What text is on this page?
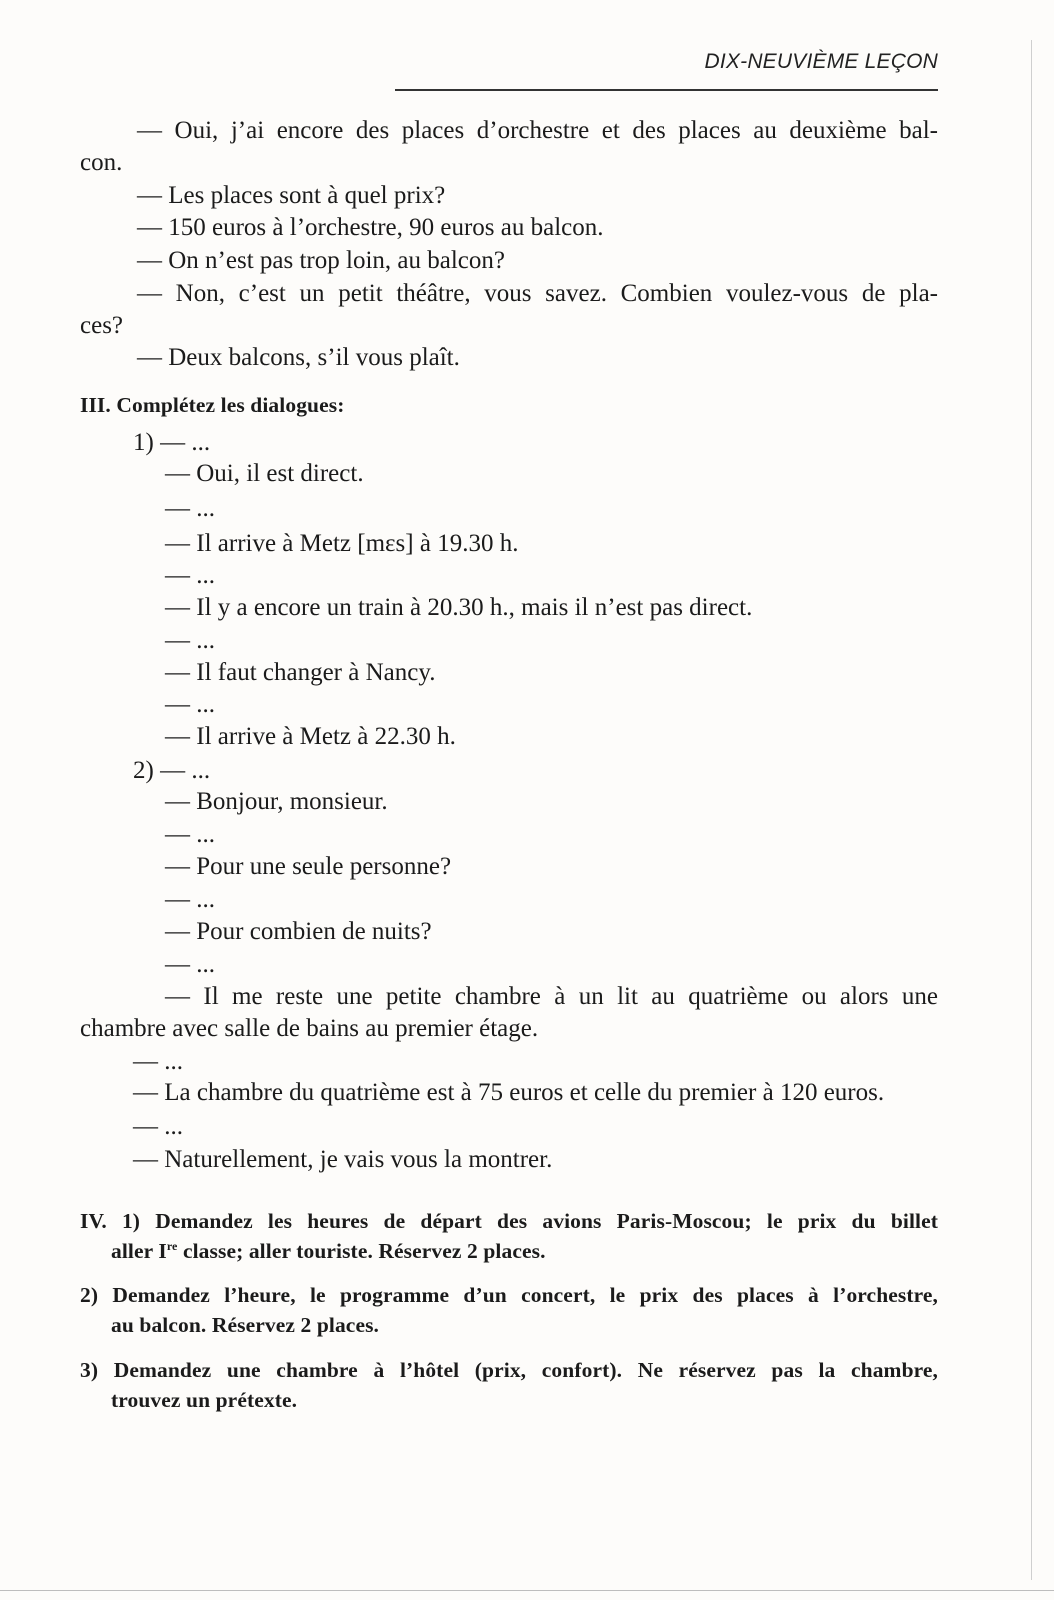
DIX-NEUVIÈME LEÇON
— Oui, j’ai encore des places d’orchestre et des places au deuxième bal-
con.
— Les places sont à quel prix?
— 150 euros à l’orchestre, 90 euros au balcon.
— On n’est pas trop loin, au balcon?
— Non, c’est un petit théâtre, vous savez. Combien voulez-vous de pla-
ces?
— Deux balcons, s’il vous plaît.
III. Complétez les dialogues:
1) — ...
— Oui, il est direct.
— ...
— Il arrive à Metz [mɛs] à 19.30 h.
— ...
— Il y a encore un train à 20.30 h., mais il n’est pas direct.
— ...
— Il faut changer à Nancy.
— ...
— Il arrive à Metz à 22.30 h.
2) — ...
— Bonjour, monsieur.
— ...
— Pour une seule personne?
— ...
— Pour combien de nuits?
— ...
— Il me reste une petite chambre à un lit au quatrième ou alors une
chambre avec salle de bains au premier étage.
— ...
— La chambre du quatrième est à 75 euros et celle du premier à 120 euros.
— ...
— Naturellement, je vais vous la montrer.
IV. 1) Demandez les heures de départ des avions Paris-Moscou; le prix du billet
aller Ire classe; aller touriste. Réservez 2 places.
2) Demandez l’heure, le programme d’un concert, le prix des places à l’orchestre,
au balcon. Réservez 2 places.
3) Demandez une chambre à l’hôtel (prix, confort). Ne réservez pas la chambre,
trouvez un prétexte.
